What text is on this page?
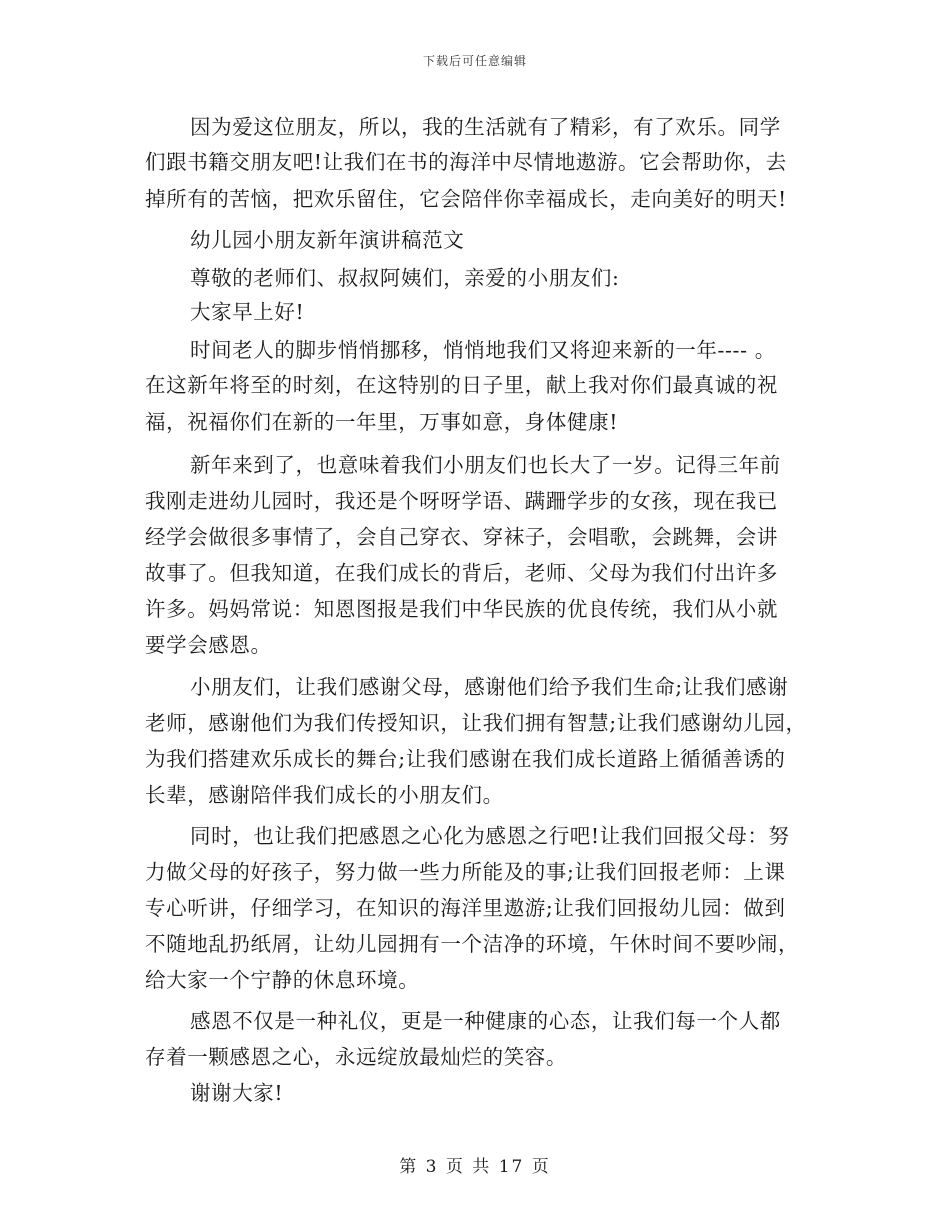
下载后可任意编辑
因为爱这位朋友，所以，我的生活就有了精彩，有了欢乐。同学
们跟书籍交朋友吧!让我们在书的海洋中尽情地遨游。它会帮助你，去
掉所有的苦恼，把欢乐留住，它会陪伴你幸福成长，走向美好的明天!
幼儿园小朋友新年演讲稿范文
尊敬的老师们、叔叔阿姨们，亲爱的小朋友们:
大家早上好!
时间老人的脚步悄悄挪移，悄悄地我们又将迎来新的一年---- 。
在这新年将至的时刻，在这特别的日子里，献上我对你们最真诚的祝
福，祝福你们在新的一年里，万事如意，身体健康!
新年来到了，也意味着我们小朋友们也长大了一岁。记得三年前
我刚走进幼儿园时，我还是个呀呀学语、蹒跚学步的女孩，现在我已
经学会做很多事情了，会自己穿衣、穿袜子，会唱歌，会跳舞，会讲
故事了。但我知道，在我们成长的背后，老师、父母为我们付出许多
许多。妈妈常说：知恩图报是我们中华民族的优良传统，我们从小就
要学会感恩。
小朋友们，让我们感谢父母，感谢他们给予我们生命;让我们感谢
老师，感谢他们为我们传授知识，让我们拥有智慧;让我们感谢幼儿园，
为我们搭建欢乐成长的舞台;让我们感谢在我们成长道路上循循善诱的
长辈，感谢陪伴我们成长的小朋友们。
同时，也让我们把感恩之心化为感恩之行吧!让我们回报父母：努
力做父母的好孩子，努力做一些力所能及的事;让我们回报老师：上课
专心听讲，仔细学习，在知识的海洋里遨游;让我们回报幼儿园：做到
不随地乱扔纸屑，让幼儿园拥有一个洁净的环境，午休时间不要吵闹，
给大家一个宁静的休息环境。
感恩不仅是一种礼仪，更是一种健康的心态，让我们每一个人都
存着一颗感恩之心，永远绽放最灿烂的笑容。
谢谢大家!
第 3 页 共 17 页
